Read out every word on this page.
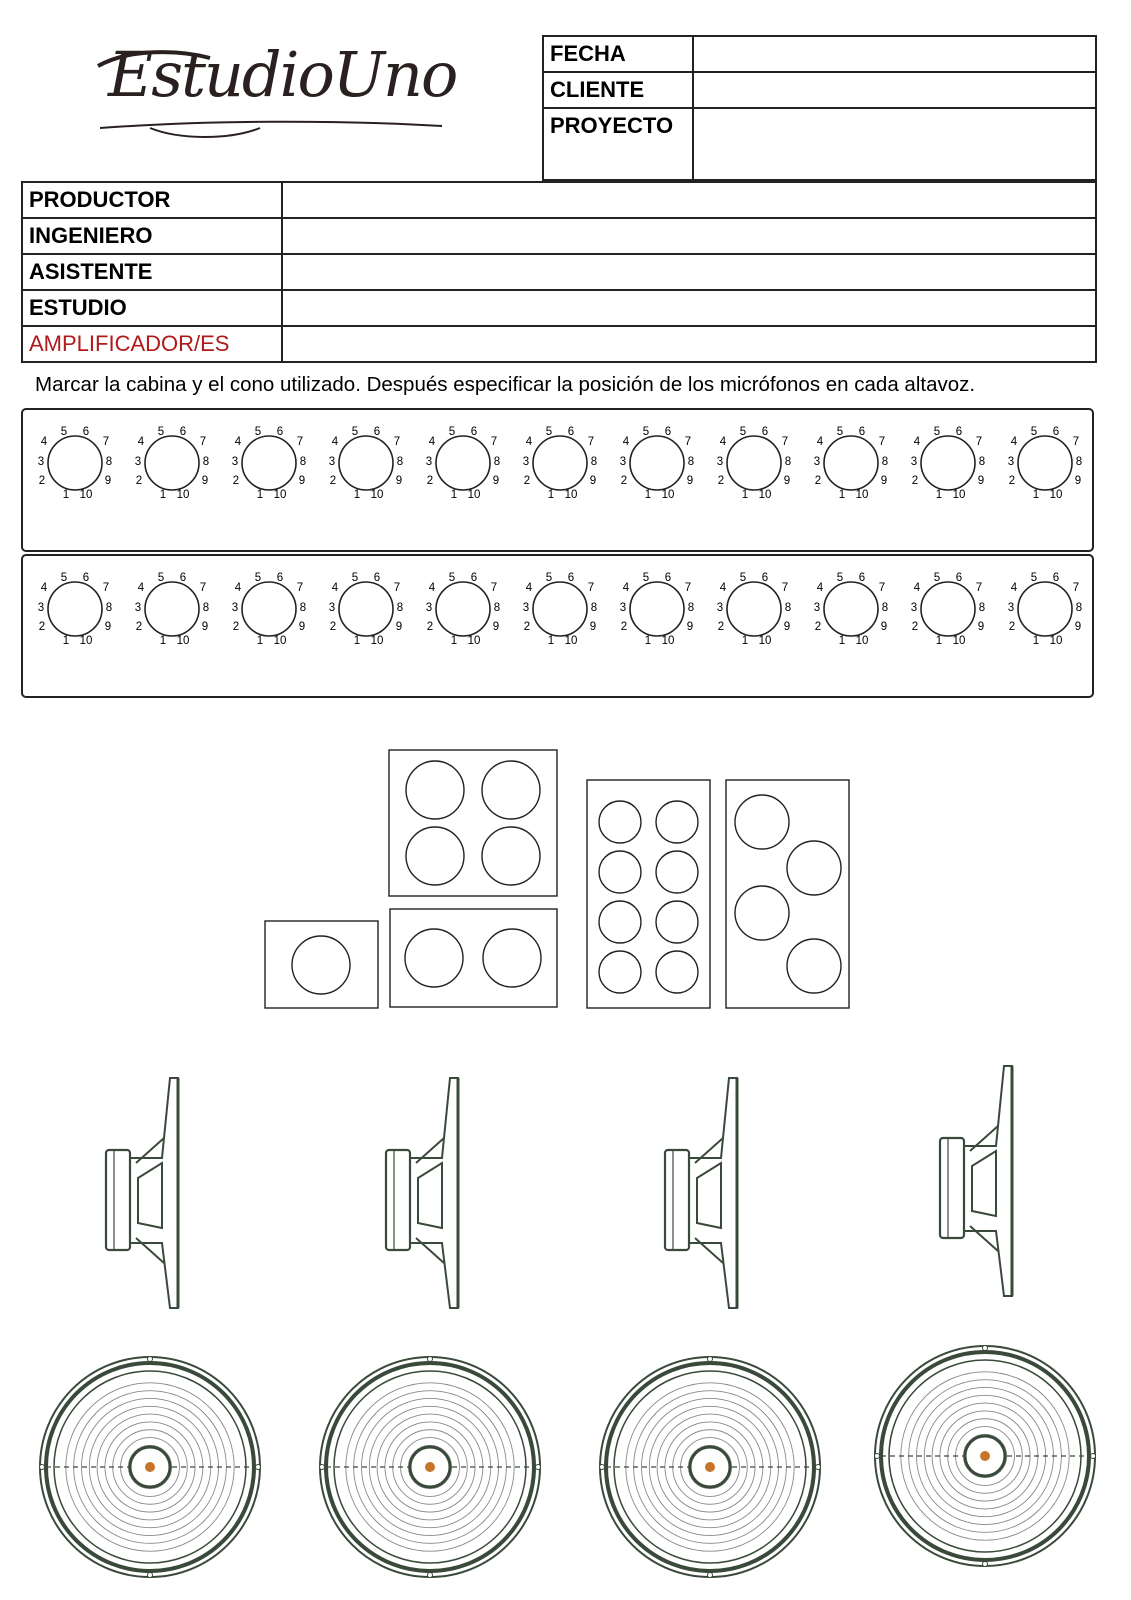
EstudioUno	FECHA	
CLIENTE	
PROYECTO	
PRODUCTOR	
INGENIERO	
ASISTENTE	
ESTUDIO	
AMPLIFICADOR/ES	
Marcar la cabina y el cono utilizado. Después especificar la posición de los micrófonos en cada altavoz.
1
2
3
4
5 6
7
8
9
10	1
2
3
4
5 6
7
8
9
10	1
2
3
4
5 6
7
8
9
10	1
2
3
4
5 6
7
8
9
10	1
2
3
4
5 6
7
8
9
10	1
2
3
4
5 6
7
8
9
10	1
2
3
4
5 6
7
8
9
10	1
2
3
4
5 6
7
8
9
10	1
2
3
4
5 6
7
8
9
10	1
2
3
4
5 6
7
8
9
10	1
2
3
4
5 6
7
8
9
10
1
2
3
4
5 6
7
8
9
10	1
2
3
4
5 6
7
8
9
10	1
2
3
4
5 6
7
8
9
10	1
2
3
4
5 6
7
8
9
10	1
2
3
4
5 6
7
8
9
10	1
2
3
4
5 6
7
8
9
10	1
2
3
4
5 6
7
8
9
10	1
2
3
4
5 6
7
8
9
10	1
2
3
4
5 6
7
8
9
10	1
2
3
4
5 6
7
8
9
10	1
2
3
4
5 6
7
8
9
10
